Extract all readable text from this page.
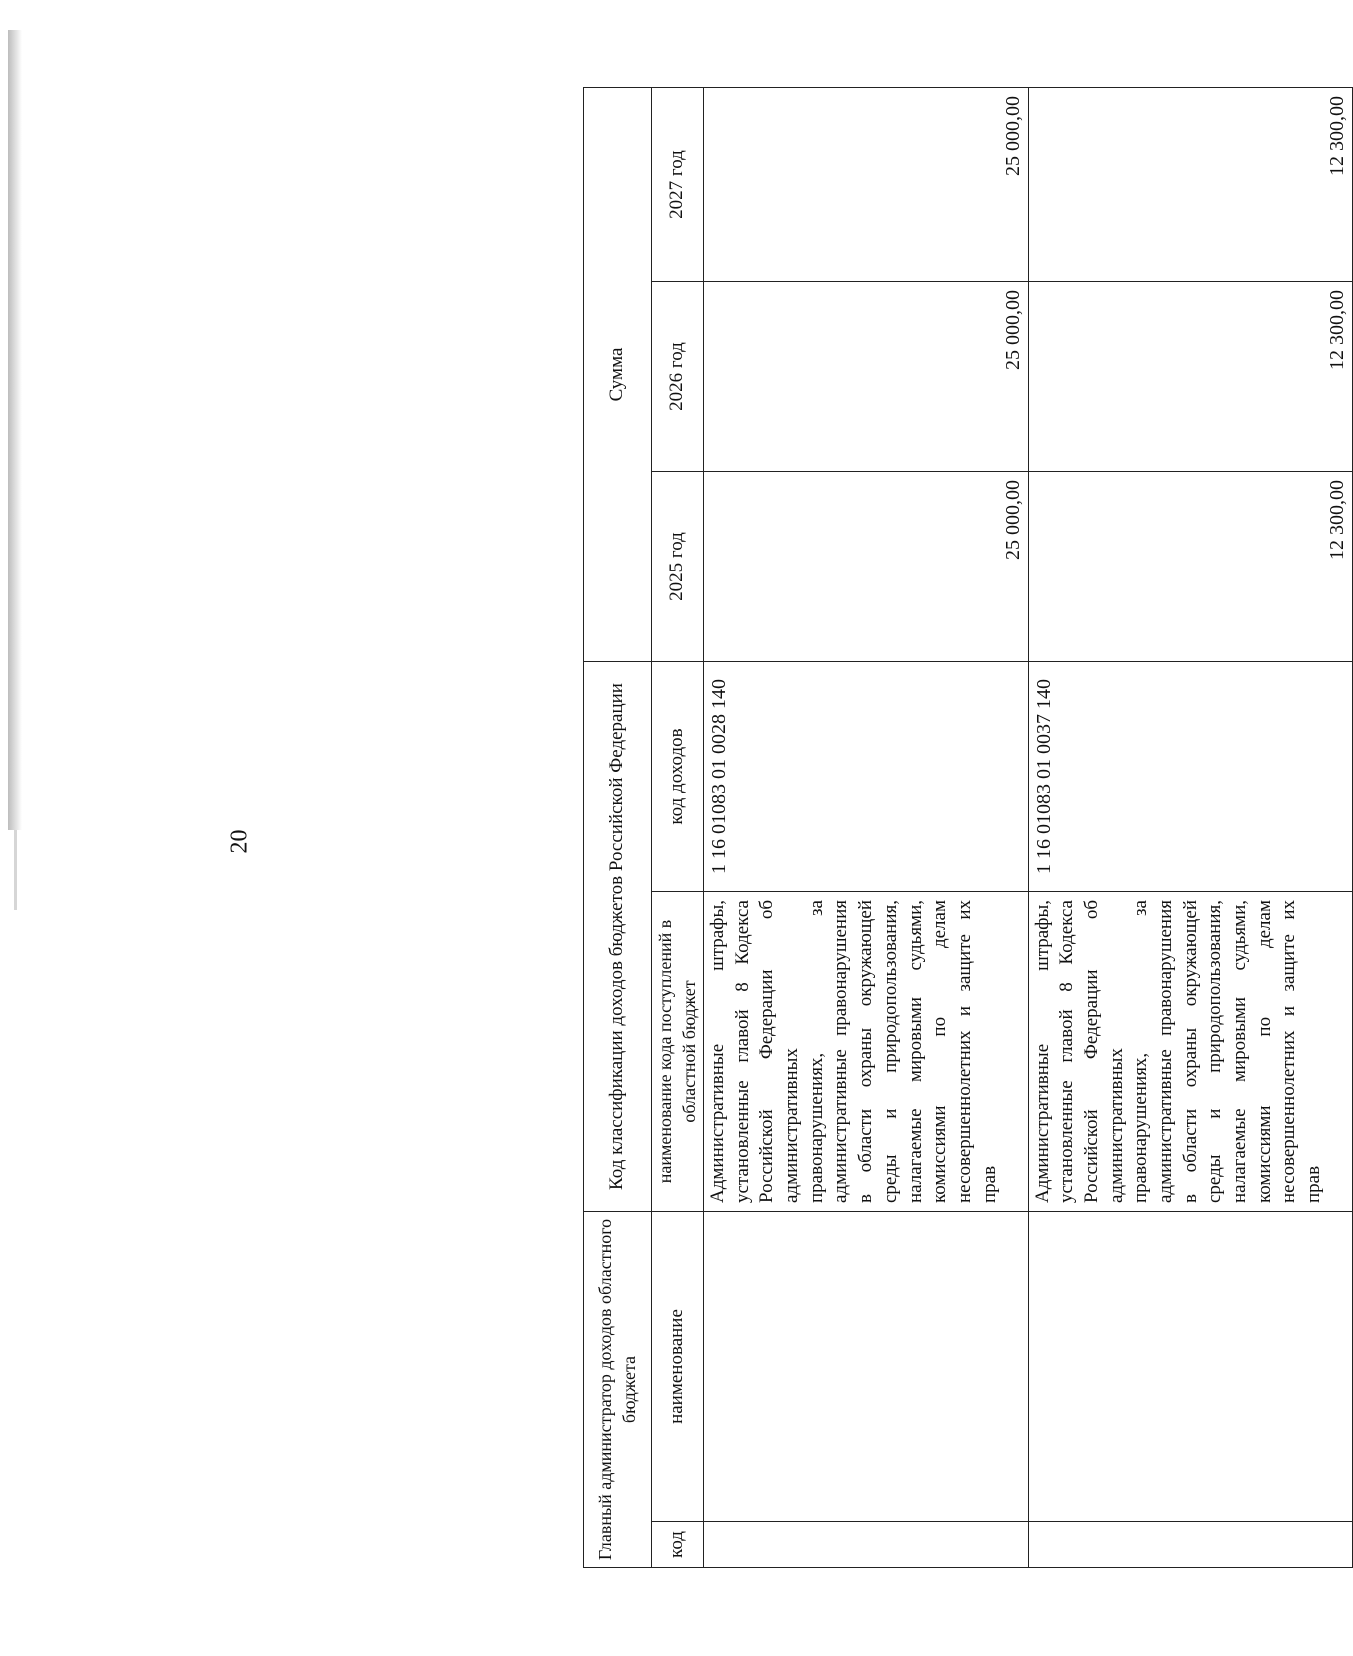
20
Главный администратор доходов областного бюджета		Код классификации доходов бюджетов Российской Федерации		Сумма		
код	наименование	наименование кода поступлений в областной бюджет	код доходов	2025 год	2026 год	2027 год
		Административные штрафы, установленные главой 8 Кодекса Российской Федерации об административных правонарушениях, за административные правонарушения в области охраны окружающей среды и природопользования, налагаемые мировыми судьями, комиссиями по делам несовершеннолетних и защите их прав	1 16 01083 01 0028 140	25 000,00	25 000,00	25 000,00
		Административные штрафы, установленные главой 8 Кодекса Российской Федерации об административных правонарушениях, за административные правонарушения в области охраны окружающей среды и природопользования, налагаемые мировыми судьями, комиссиями по делам несовершеннолетних и защите их прав	1 16 01083 01 0037 140	12 300,00	12 300,00	12 300,00
